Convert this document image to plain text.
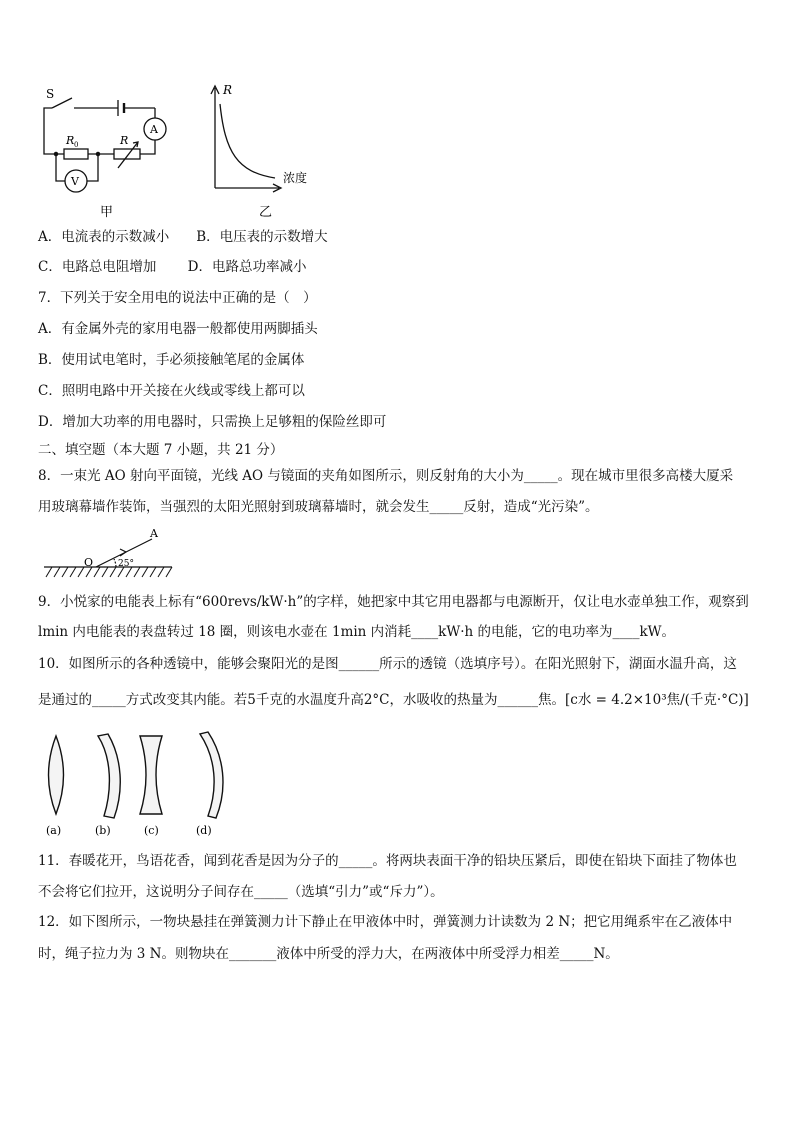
S
R 0	R
A
V
甲
R
浓度
乙
A．电流表的示数减小　　B．电压表的示数增大
C．电路总电阻增加　　 D．电路总功率减小
7．下列关于安全用电的说法中正确的是（　）
A．有金属外壳的家用电器一般都使用两脚插头
B．使用试电笔时，手必须接触笔尾的金属体
C．照明电路中开关接在火线或零线上都可以
D．增加大功率的用电器时，只需换上足够粗的保险丝即可
二、填空题（本大题 7 小题，共 21 分）
8．一束光 AO 射向平面镜，光线 AO 与镜面的夹角如图所示，则反射角的大小为_____。现在城市里很多高楼大厦采
用玻璃幕墙作装饰，当强烈的太阳光照射到玻璃幕墙时，就会发生_____反射，造成“光污染”。
A
O	25°
9．小悦家的电能表上标有“600revs/kW·h”的字样，她把家中其它用电器都与电源断开，仅让电水壶单独工作，观察到
lmin 内电能表的表盘转过 18 圈，则该电水壶在 1min 内消耗____kW·h 的电能，它的电功率为____kW。
10．如图所示的各种透镜中，能够会聚阳光的是图______所示的透镜（选填序号）。在阳光照射下，湖面水温升高，这
是通过的_____方式改变其内能。若5千克的水温度升高2°C，水吸收的热量为______焦。[c水 = 4.2×10³焦/(千克·°C)]
(a)	(b)	(c)	(d)
11．春暖花开，鸟语花香，闻到花香是因为分子的_____。将两块表面干净的铅块压紧后，即使在铅块下面挂了物体也
不会将它们拉开，这说明分子间存在_____（选填“引力”或“斥力”）。
12．如下图所示，一物块悬挂在弹簧测力计下静止在甲液体中时，弹簧测力计读数为 2 N；把它用绳系牢在乙液体中
时，绳子拉力为 3 N。则物块在_______液体中所受的浮力大，在两液体中所受浮力相差_____N。
